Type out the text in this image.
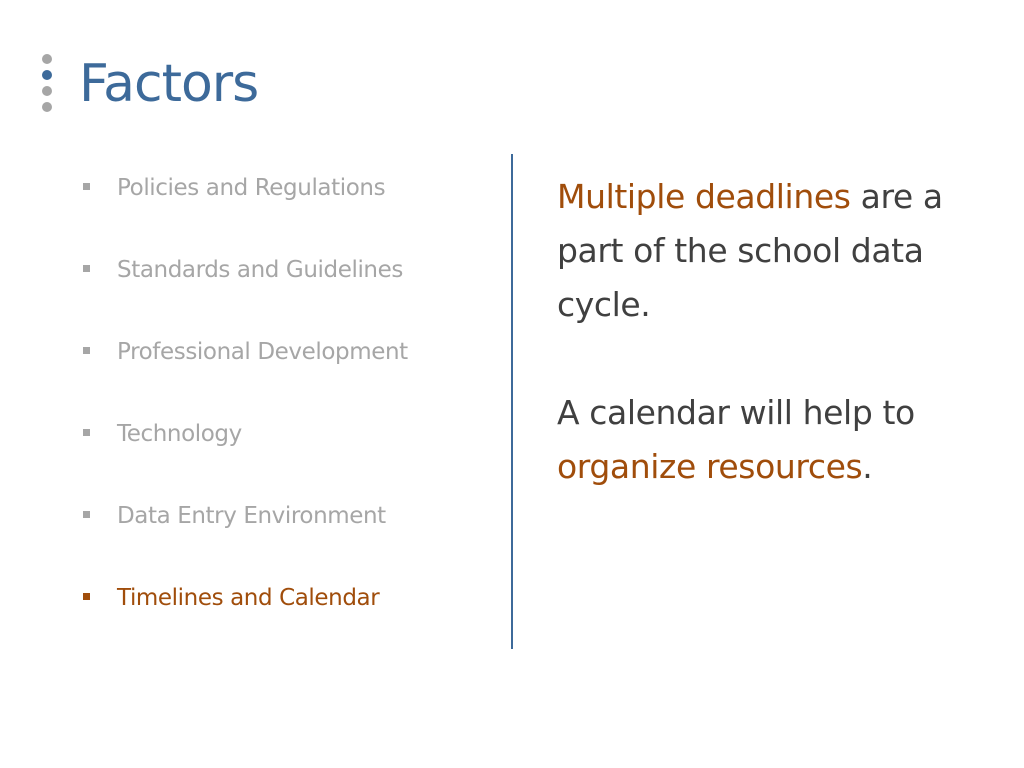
Factors
Policies and Regulations
Standards and Guidelines
Professional Development
Technology
Data Entry Environment
Timelines and Calendar

Multiple deadlines are a part of the school data cycle.

A calendar will help to organize resources.
